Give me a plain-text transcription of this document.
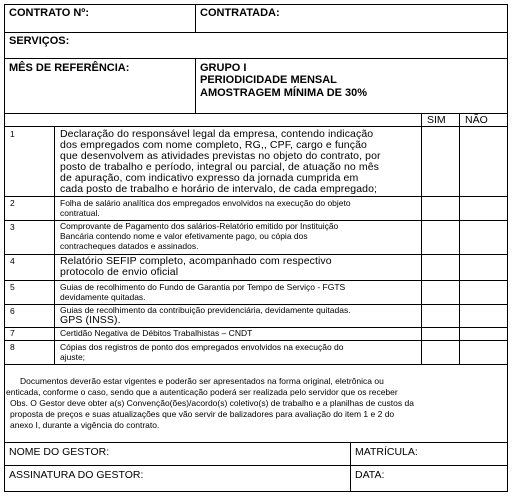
CONTRATO Nº:	CONTRATADA:
SERVIÇOS:
MÊS DE REFERÊNCIA:	GRUPO I
PERIODICIDADE MENSAL
AMOSTRAGEM MÍNIMA DE 30%
SIM NÃO
1	Declaração do responsável legal da empresa, contendo indicação
dos empregados com nome completo, RG,, CPF, cargo e função
que desenvolvem as atividades previstas no objeto do contrato, por
posto de trabalho e período, integral ou parcial, de atuação no mês
de apuração, com indicativo expresso da jornada cumprida em
cada posto de trabalho e horário de intervalo, de cada empregado;
2	Folha de salário analítica dos empregados envolvidos na execução do objeto
contratual.
3	Comprovante de Pagamento dos salários-Relatório emitido por Instituição
Bancária contendo nome e valor efetivamente pago, ou cópia dos
contracheques datados e assinados.
4	Relatório SEFIP completo, acompanhado com respectivo
protocolo de envio oficial
5	Guias de recolhimento do Fundo de Garantia por Tempo de Serviço - FGTS
devidamente quitadas.
6	Guias de recolhimento da contribuição previdenciária, devidamente quitadas.
GPS (INSS).
7	Certidão Negativa de Débitos Trabalhistas – CNDT
8	Cópias dos registros de ponto dos empregados envolvidos na execução do
ajuste;
Documentos deverão estar vigentes e poderão ser apresentados na forma original, eletrônica ou
enticada, conforme o caso, sendo que a autenticação poderá ser realizada pelo servidor que os receber
Obs. O Gestor deve obter a(s) Convenção(ões)/acordo(s) coletivo(s) de trabalho e a planilhas de custos da
proposta de preços e suas atualizações que vão servir de balizadores para avaliação do item 1 e 2 do
anexo I, durante a vigência do contrato.
NOME DO GESTOR:	MATRÍCULA:
ASSINATURA DO GESTOR:	DATA:
